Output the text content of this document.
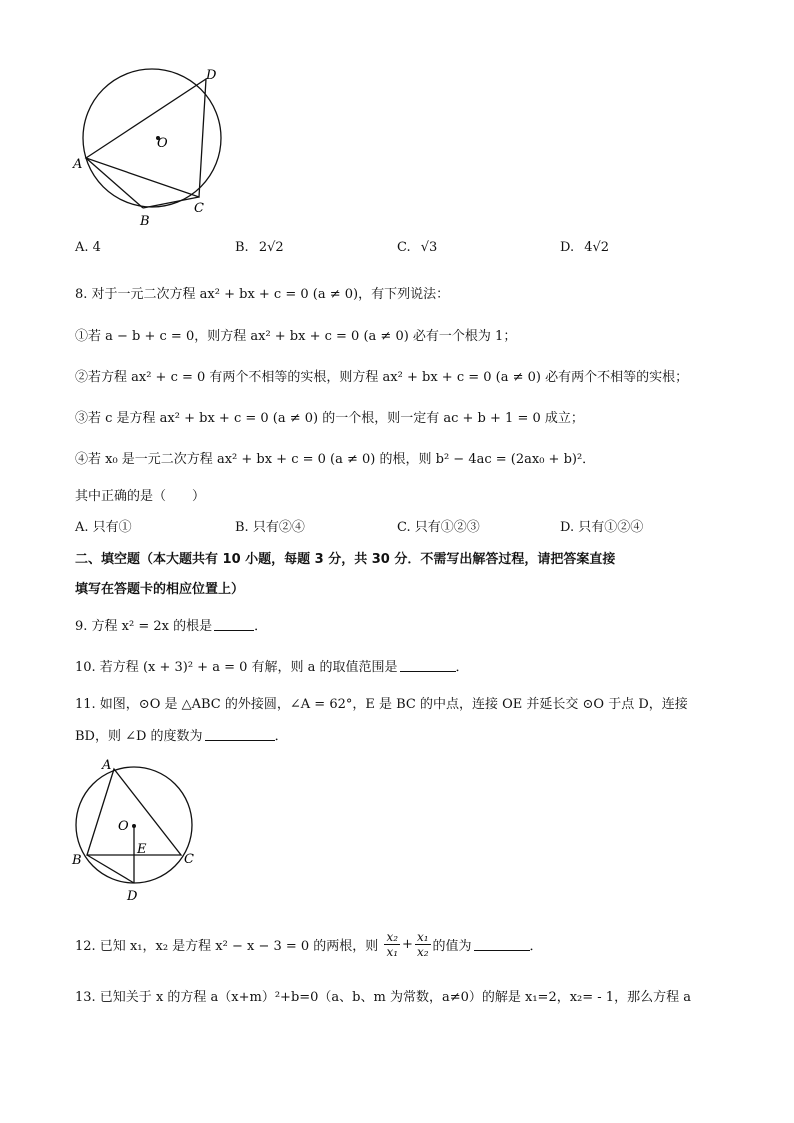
D
O
A
B
C
A. 4	B. 2√2	C. √3	D. 4√2
8. 对于一元二次方程 ax² + bx + c = 0 (a ≠ 0)，有下列说法：
①若 a − b + c = 0，则方程 ax² + bx + c = 0 (a ≠ 0) 必有一个根为 1；
②若方程 ax² + c = 0 有两个不相等的实根，则方程 ax² + bx + c = 0 (a ≠ 0) 必有两个不相等的实根；
③若 c 是方程 ax² + bx + c = 0 (a ≠ 0) 的一个根，则一定有 ac + b + 1 = 0 成立；
④若 x₀ 是一元二次方程 ax² + bx + c = 0 (a ≠ 0) 的根，则 b² − 4ac = (2ax₀ + b)²．
其中正确的是（　　）
A. 只有①	B. 只有②④	C. 只有①②③	D. 只有①②④
二、填空题（本大题共有 10 小题，每题 3 分，共 30 分．不需写出解答过程，请把答案直接
填写在答题卡的相应位置上）
9. 方程 x² = 2x 的根是	．
10. 若方程 (x + 3)² + a = 0 有解，则 a 的取值范围是	．
11. 如图，⊙O 是 △ABC 的外接圆，∠A = 62°，E 是 BC 的中点，连接 OE 并延长交 ⊙O 于点 D，连接
BD，则 ∠D 的度数为	．
A
O
E
B	C
D
12. 已知 x₁，x₂ 是方程 x² − x − 3 = 0 的两根，则 $\frac{\text{x₂}}{\text{x₁}} + \frac{\text{x₁}}{\text{x₂}}$ 的值为	．
13. 已知关于 x 的方程 a（x+m）²+b=0（a、b、m 为常数，a≠0）的解是 x₁=2，x₂= - 1，那么方程 a
